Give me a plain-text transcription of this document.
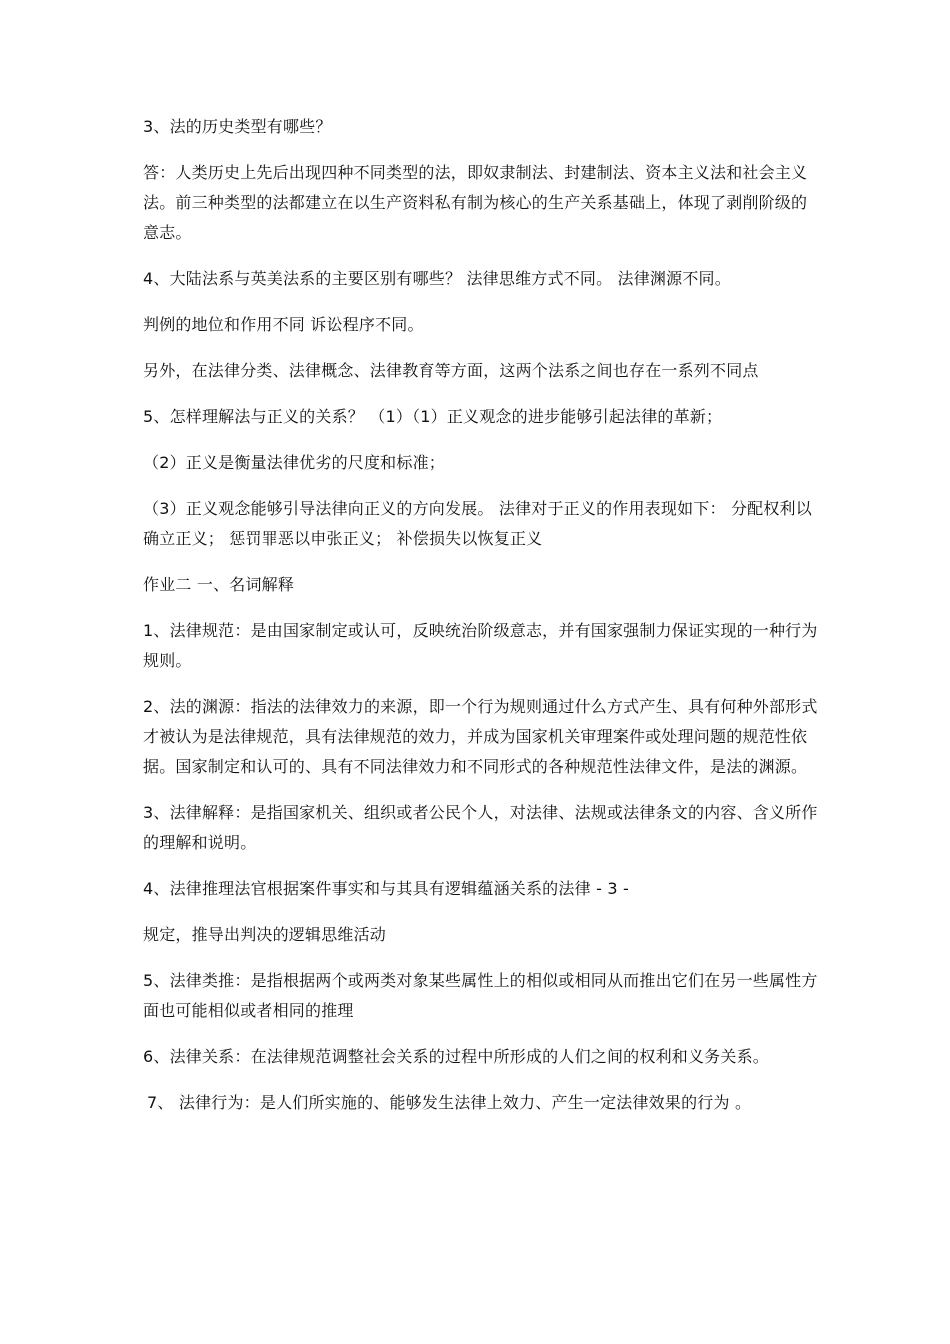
3、法的历史类型有哪些？

答：人类历史上先后出现四种不同类型的法，即奴隶制法、封建制法、资本主义法和社会主义法。前三种类型的法都建立在以生产资料私有制为核心的生产关系基础上，体现了剥削阶级的意志。

4、大陆法系与英美法系的主要区别有哪些？ 法律思维方式不同。 法律渊源不同。

判例的地位和作用不同 诉讼程序不同。

另外，在法律分类、法律概念、法律教育等方面，这两个法系之间也存在一系列不同点

5、怎样理解法与正义的关系？ （1）（1）正义观念的进步能够引起法律的革新；

（2）正义是衡量法律优劣的尺度和标准；

（3）正义观念能够引导法律向正义的方向发展。 法律对于正义的作用表现如下： 分配权利以确立正义； 惩罚罪恶以申张正义； 补偿损失以恢复正义

作业二 一、名词解释

1、法律规范：是由国家制定或认可，反映统治阶级意志，并有国家强制力保证实现的一种行为规则。

2、法的渊源：指法的法律效力的来源，即一个行为规则通过什么方式产生、具有何种外部形式才被认为是法律规范，具有法律规范的效力，并成为国家机关审理案件或处理问题的规范性依据。国家制定和认可的、具有不同法律效力和不同形式的各种规范性法律文件，是法的渊源。

3、法律解释：是指国家机关、组织或者公民个人，对法律、法规或法律条文的内容、含义所作的理解和说明。

4、法律推理法官根据案件事实和与其具有逻辑蕴涵关系的法律 - 3 -

规定，推导出判决的逻辑思维活动

5、法律类推：是指根据两个或两类对象某些属性上的相似或相同从而推出它们在另一些属性方面也可能相似或者相同的推理

6、法律关系：在法律规范调整社会关系的过程中所形成的人们之间的权利和义务关系。

7、 法律行为：是人们所实施的、能够发生法律上效力、产生一定法律效果的行为 。
